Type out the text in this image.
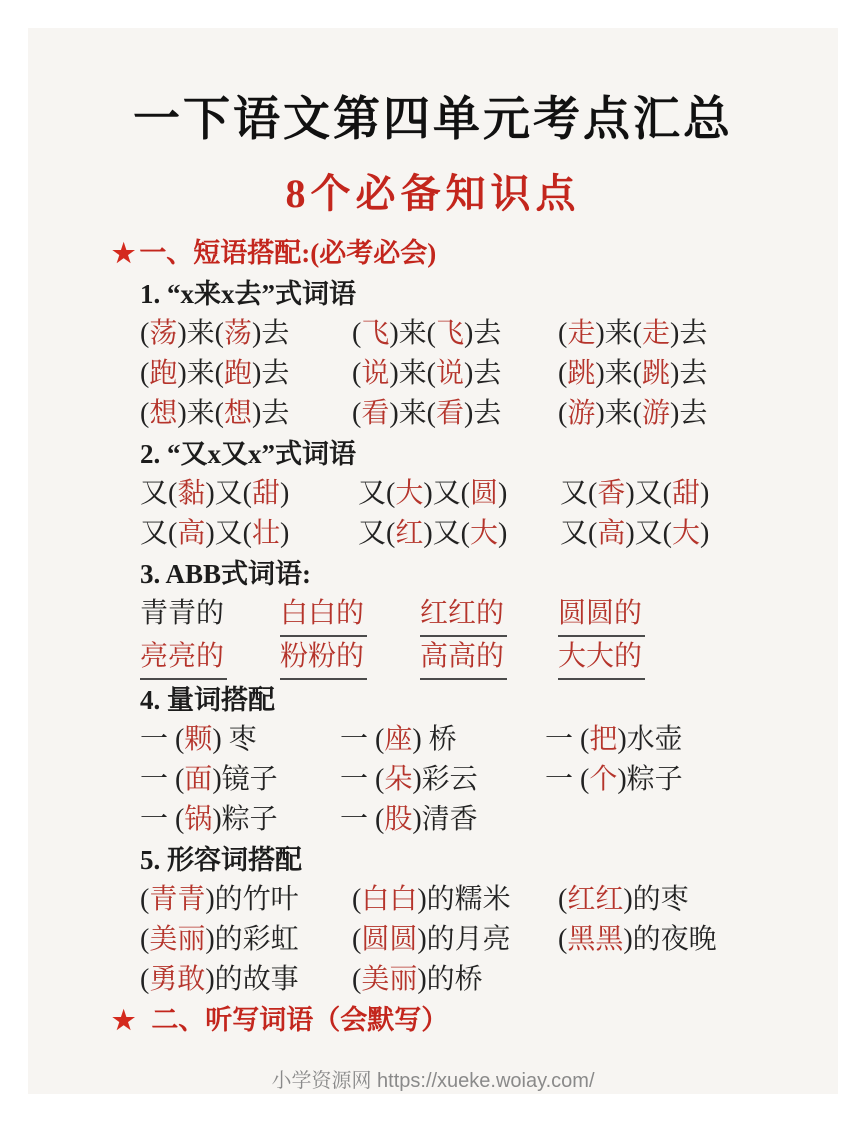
一下语文第四单元考点汇总
8个必备知识点
★ 一、短语搭配:(必考必会)
1. “x来x去”式词语
(荡)来(荡)去 (飞)来(飞)去 (走)来(走)去
(跑)来(跑)去 (说)来(说)去 (跳)来(跳)去
(想)来(想)去 (看)来(看)去 (游)来(游)去
2. “又x又x”式词语
又(黏)又(甜) 又(大)又(圆) 又(香)又(甜)
又(高)又(壮) 又(红)又(大) 又(高)又(大)
3. ABB式词语:
青青的 白白的 红红的 圆圆的
亮亮的 粉粉的 高高的 大大的
4. 量词搭配
一 (颗) 枣	一 (座) 桥	一 (把)水壶
一 (面)镜子 一 (朵)彩云 一 (个)粽子
一 (锅)粽子 一 (股)清香
5. 形容词搭配
(青青)的竹叶 (白白)的糯米 (红红)的枣
(美丽)的彩虹 (圆圆)的月亮 (黑黑)的夜晚
(勇敢)的故事 (美丽)的桥
★ 二、听写词语（会默写）
小学资源网 https://xueke.woiay.com/
